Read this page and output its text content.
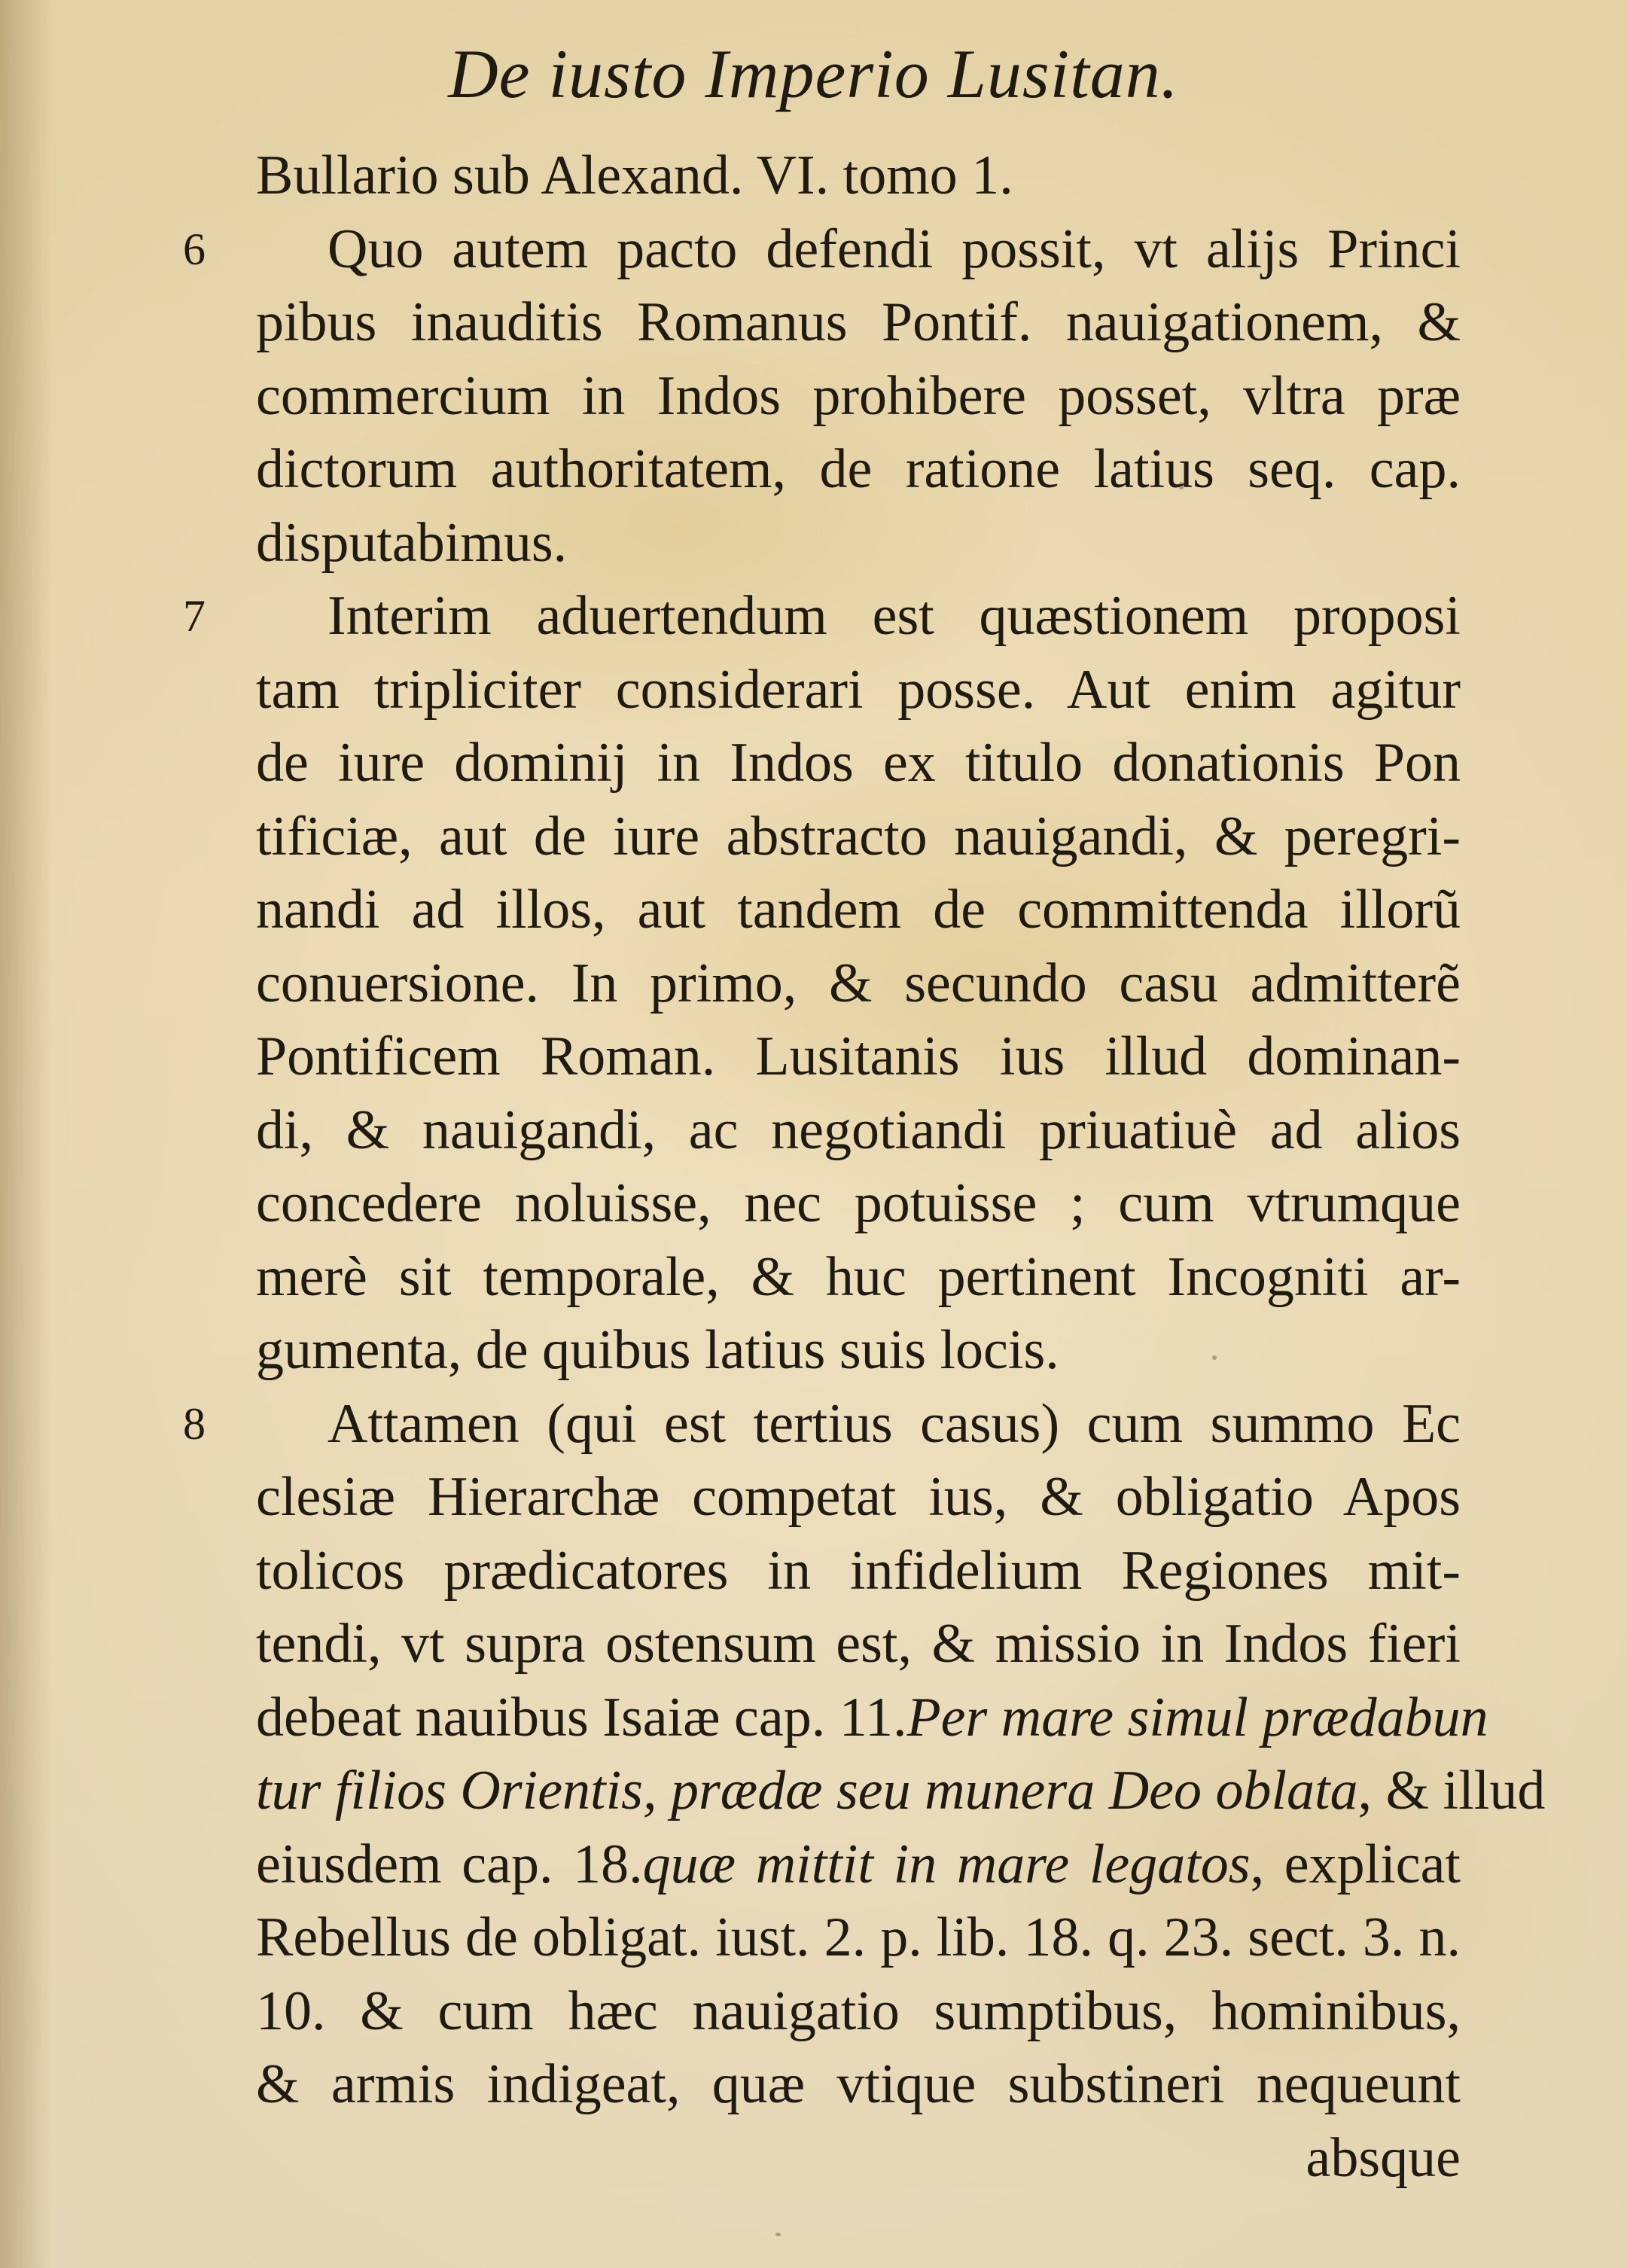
De iusto Imperio Lusitan.
Bullario sub Alexand. VI. tomo 1.
Quo autem pacto defendi possit, vt alijs Princi
pibus inauditis Romanus Pontif. nauigationem, &
commercium in Indos prohibere posset, vltra præ
dictorum authoritatem, de ratione latius seq. cap.
disputabimus.
Interim aduertendum est quæstionem proposi
tam tripliciter considerari posse. Aut enim agitur
de iure dominij in Indos ex titulo donationis Pon
tificiæ, aut de iure abstracto nauigandi, & peregri-
nandi ad illos, aut tandem de committenda illorũ
conuersione. In primo, & secundo casu admitterẽ
Pontificem Roman. Lusitanis ius illud dominan-
di, & nauigandi, ac negotiandi priuatiuè ad alios
concedere noluisse, nec potuisse ; cum vtrumque
merè sit temporale, & huc pertinent Incogniti ar-
gumenta, de quibus latius suis locis.
Attamen (qui est tertius casus) cum summo Ec
clesiæ Hierarchæ competat ius, & obligatio Apos
tolicos prædicatores in infidelium Regiones mit-
tendi, vt supra ostensum est, & missio in Indos fieri
debeat nauibus Isaiæ cap. 11.Per mare simul prædabun
tur filios Orientis, prædæ seu munera Deo oblata, & illud
eiusdem cap. 18.quæ mittit in mare legatos, explicat
Rebellus de obligat. iust. 2. p. lib. 18. q. 23. sect. 3. n.
10. & cum hæc nauigatio sumptibus, hominibus,
& armis indigeat, quæ vtique substineri nequeunt
absque
6
7
8
